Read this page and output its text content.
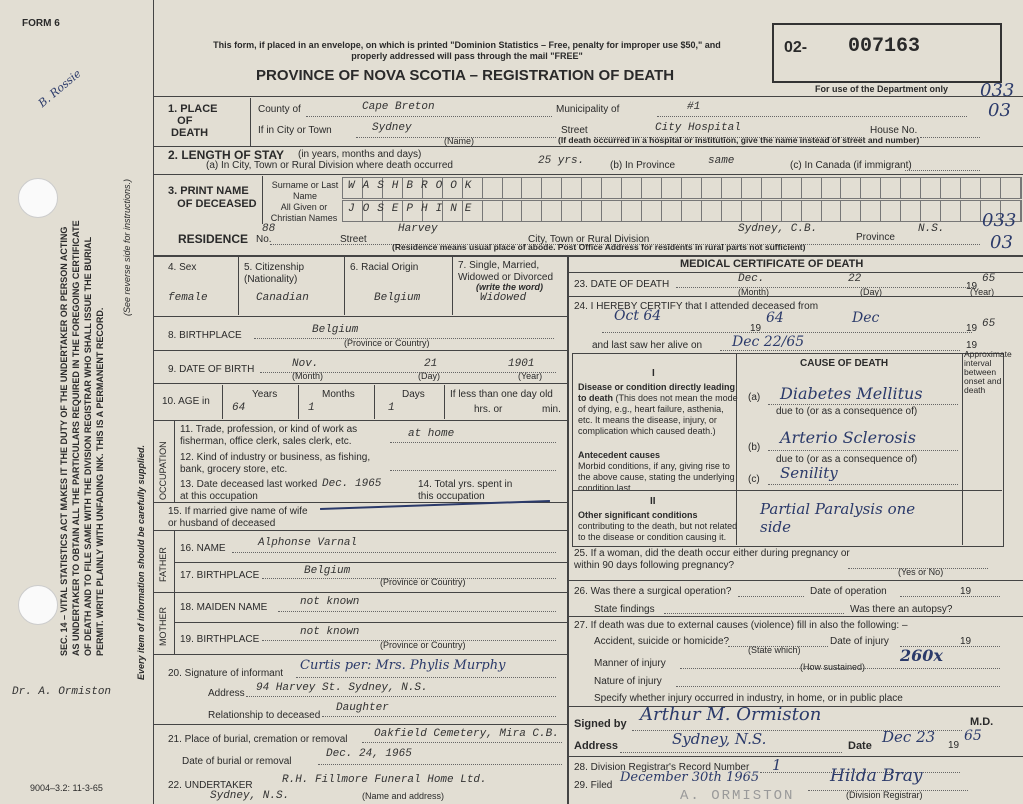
FORM 6
B. Rossie
SEC. 14 – VITAL STATISTICS ACT MAKES IT THE DUTY OF THE UNDERTAKER OR PERSON ACTING AS UNDERTAKER TO OBTAIN ALL THE PARTICULARS REQUIRED IN THE FOREGOING CERTIFICATE OF DEATH AND TO FILE SAME WITH THE DIVISION REGISTRAR WHO SHALL ISSUE THE BURIAL PERMIT. WRITE PLAINLY WITH UNFADING INK. THIS IS A PERMANENT RECORD.
(See reverse side for instructions.)
Every item of information should be carefully supplied.
Dr. A. Ormiston
9004–3.2: 11-3-65
This form, if placed in an envelope, on which is printed "Dominion Statistics – Free, penalty for improper use $50," and properly addressed will pass through the mail "FREE"
PROVINCE OF NOVA SCOTIA – REGISTRATION OF DEATH
02- 007163
For use of the Department only 033
03
1. PLACE
OF
DEATH
County of	Cape Breton	Municipality of	#1
If in City or Town	Sydney
(Name)
Street	City Hospital	House No.
(If death occurred in a hospital or institution, give the name instead of street and number)
2. LENGTH OF STAY (in years, months and days)
(a) In City, Town or Rural Division where death occurred	25 yrs.	(b) In Province	same	(c) In Canada (if immigrant)
3. PRINT NAME
OF DECEASED
Surname or Last Name
All Given or Christian Names
WASHBROOK
JOSEPHINE
RESIDENCE No.
88
Street
Harvey
City, Town or Rural Division
Sydney, C.B.
Province
N.S.
(Residence means usual place of abode. Post Office Address for residents in rural parts not sufficient)
033
03
4. Sex
female
5. Citizenship (Nationality)
Canadian
6. Racial Origin
Belgium
7. Single, Married, Widowed or Divorced
(write the word)
Widowed
8. BIRTHPLACE	Belgium
(Province or Country)
9. DATE OF BIRTH	Nov.	21	1901
(Month)	(Day)	(Year)
10. AGE in
Years	Months	Days
64	1	1
If less than one day old
hrs. or	min.
OCCUPATION
11. Trade, profession, or kind of work as fisherman, office clerk, sales clerk, etc.
at home
12. Kind of industry or business, as fishing, bank, grocery store, etc.
13. Date deceased last worked at this occupation
Dec. 1965	14. Total yrs. spent in this occupation
15. If married give name of wife or husband of deceased
FATHER 16. NAME	Alphonse Varnal
17. BIRTHPLACE	Belgium
(Province or Country)
MOTHER 18. MAIDEN NAME	not known
19. BIRTHPLACE
not known
(Province or Country)
20. Signature of informant
Curtis per: Mrs. Phylis Murphy
Address 94 Harvey St. Sydney, N.S.
Relationship to deceased
Daughter
21. Place of burial, cremation or removal Oakfield Cemetery, Mira C.B.
Date of burial or removal
Dec. 24, 1965
22. UNDERTAKER	R.H. Fillmore Funeral Home Ltd.
Sydney, N.S.	(Name and address)
MEDICAL CERTIFICATE OF DEATH
23. DATE OF DEATH	Dec.	22
19
65
(Month)	(Day)	(Year)
24. I HEREBY CERTIFY that I attended deceased from
Oct 64
19
64	Dec
19 65
and last saw her alive on Dec 22/65	19
CAUSE OF DEATH
Approximate interval between onset and death
I
Disease or condition directly leading to death (This does not mean the mode of dying, e.g., heart failure, asthenia, etc. It means the disease, injury, or complication which caused death.)
(a) Diabetes Mellitus
due to (or as a consequence of)
Antecedent causes
Morbid conditions, if any, giving rise to the above cause, stating the underlying condition last.
(b)
Arterio Sclerosis
due to (or as a consequence of)
(c) Senility
II
Other significant conditions contributing to the death, but not related to the disease or condition causing it.
Partial Paralysis one side
25. If a woman, did the death occur either during pregnancy or within 90 days following pregnancy?
(Yes or No)
26. Was there a surgical operation?	Date of operation	19
State findings	Was there an autopsy?
27. If death was due to external causes (violence) fill in also the following: –
Accident, suicide or homicide?
(State which)
Date of injury	19
Manner of injury	260x
(How sustained)
Nature of injury
Specify whether injury occurred in industry, in home, or in public place
Signed by Arthur M. Ormiston	M.D.
Address	Sydney, N.S.	Date Dec 23 19
65
28. Division Registrar's Record Number 1
29. Filed
December 30th 1965	Hilda Bray
(Division Registrar)
A. ORMISTON
